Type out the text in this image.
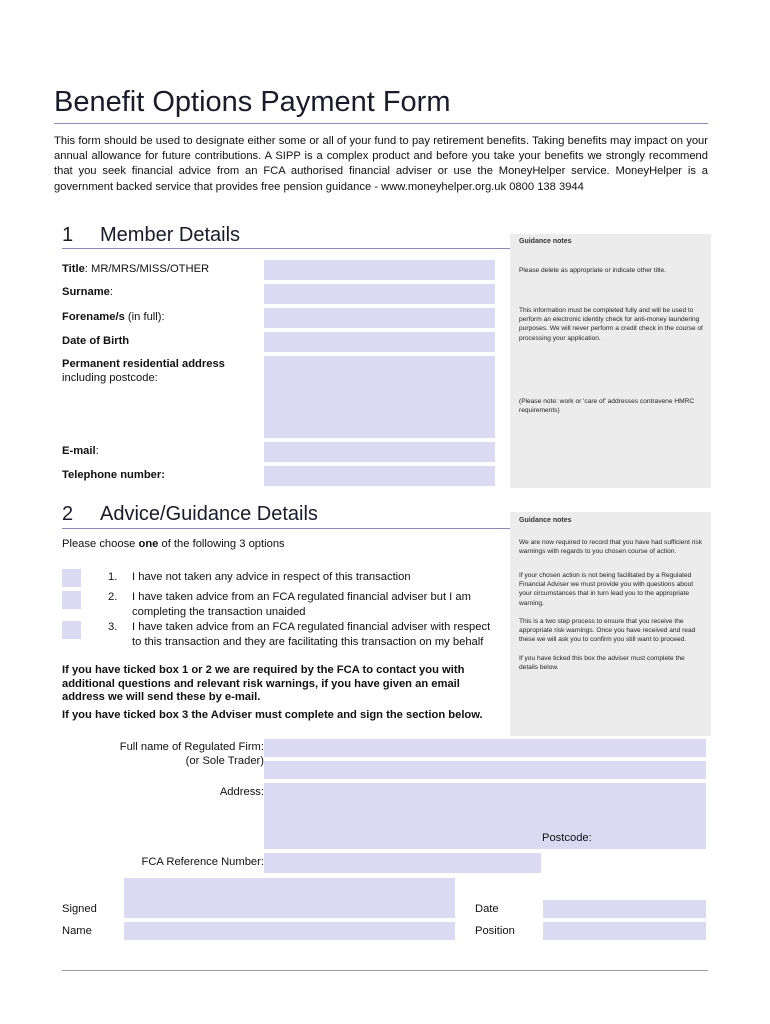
Benefit Options Payment Form
This form should be used to designate either some or all of your fund to pay retirement benefits. Taking benefits may impact on your annual allowance for future contributions. A SIPP is a complex product and before you take your benefits we strongly recommend that you seek financial advice from an FCA authorised financial adviser or use the MoneyHelper service. MoneyHelper is a government backed service that provides free pension guidance - www.moneyhelper.org.uk 0800 138 3944
1 Member Details	Guidance notes
Please delete as appropriate or indicate other title.
This information must be completed fully and will be used to perform an electronic identity check for anti-money laundering purposes. We will never perform a credit check in the course of processing your application.
(Please note: work or 'care of' addresses contravene HMRC requirements)
Title: MR/MRS/MISS/OTHER
Surname:
Forename/s (in full):
Date of Birth
Permanent residential address
including postcode:
E-mail:
Telephone number:
2 Advice/Guidance Details	Guidance notes
We are now required to record that you have had sufficient risk warnings with regards to you chosen course of action.
If your chosen action is not being facilitated by a Regulated Financial Adviser we must provide you with questions about your circumstances that in turn lead you to the appropriate warning.
This is a two step process to ensure that you receive the appropriate risk warnings. Once you have received and read these we will ask you to confirm you still want to proceed.
If you have ticked this box the adviser must complete the details below.
Please choose one of the following 3 options
1. I have not taken any advice in respect of this transaction
2. I have taken advice from an FCA regulated financial adviser but I am completing the transaction unaided
3. I have taken advice from an FCA regulated financial adviser with respect to this transaction and they are facilitating this transaction on my behalf
If you have ticked box 1 or 2 we are required by the FCA to contact you with additional questions and relevant risk warnings, if you have given an email address we will send these by e-mail.
If you have ticked box 3 the Adviser must complete and sign the section below.
Full name of Regulated Firm:
(or Sole Trader)
Address:
Postcode:
FCA Reference Number:
Signed	Date
Name	Position
